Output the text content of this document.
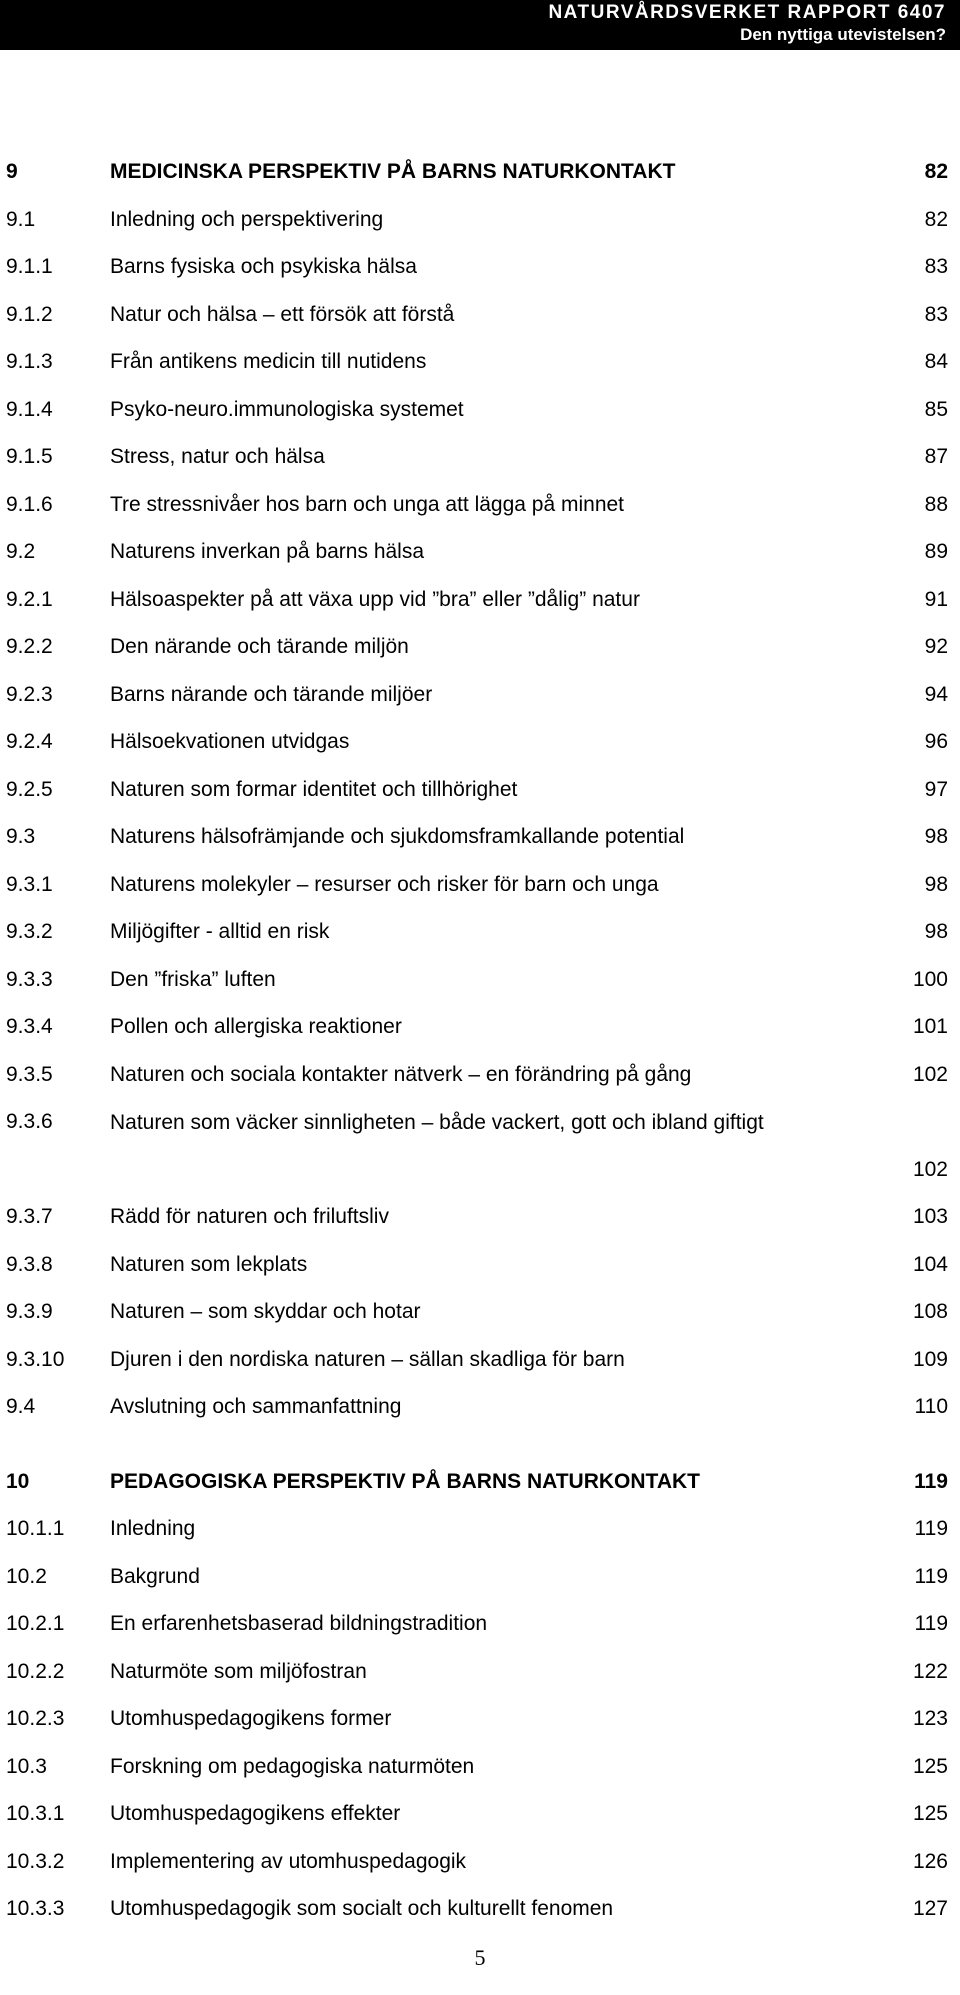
NATURVÅRDSVERKET RAPPORT 6407
Den nyttiga utevistelsen?
9	MEDICINSKA PERSPEKTIV PÅ BARNS NATURKONTAKT	82
9.1	Inledning och perspektivering	82
9.1.1	Barns fysiska och psykiska hälsa	83
9.1.2	Natur och hälsa – ett försök att förstå	83
9.1.3	Från antikens medicin till nutidens	84
9.1.4	Psyko-neuro.immunologiska systemet	85
9.1.5	Stress, natur och hälsa	87
9.1.6	Tre stressnivåer hos barn och unga att lägga på minnet	88
9.2	Naturens inverkan på barns hälsa	89
9.2.1	Hälsoaspekter på att växa upp vid ”bra” eller ”dålig” natur	91
9.2.2	Den närande och tärande miljön	92
9.2.3	Barns närande och tärande miljöer	94
9.2.4	Hälsoekvationen utvidgas	96
9.2.5	Naturen som formar identitet och tillhörighet	97
9.3	Naturens hälsofrämjande och sjukdomsframkallande potential	98
9.3.1	Naturens molekyler – resurser och risker för barn och unga	98
9.3.2	Miljögifter - alltid en risk	98
9.3.3	Den ”friska” luften	100
9.3.4	Pollen och allergiska reaktioner	101
9.3.5	Naturen och sociala kontakter nätverk – en förändring på gång	102
9.3.6	Naturen som väcker sinnligheten – både vackert, gott och ibland giftigt
102
9.3.7	Rädd för naturen och friluftsliv	103
9.3.8	Naturen som lekplats	104
9.3.9	Naturen – som skyddar och hotar	108
9.3.10	Djuren i den nordiska naturen – sällan skadliga för barn	109
9.4	Avslutning och sammanfattning	110
10	PEDAGOGISKA PERSPEKTIV PÅ BARNS NATURKONTAKT	119
10.1.1	Inledning	119
10.2	Bakgrund	119
10.2.1	En erfarenhetsbaserad bildningstradition	119
10.2.2	Naturmöte som miljöfostran	122
10.2.3	Utomhuspedagogikens former	123
10.3	Forskning om pedagogiska naturmöten	125
10.3.1	Utomhuspedagogikens effekter	125
10.3.2	Implementering av utomhuspedagogik	126
10.3.3	Utomhuspedagogik som socialt och kulturellt fenomen	127
5
